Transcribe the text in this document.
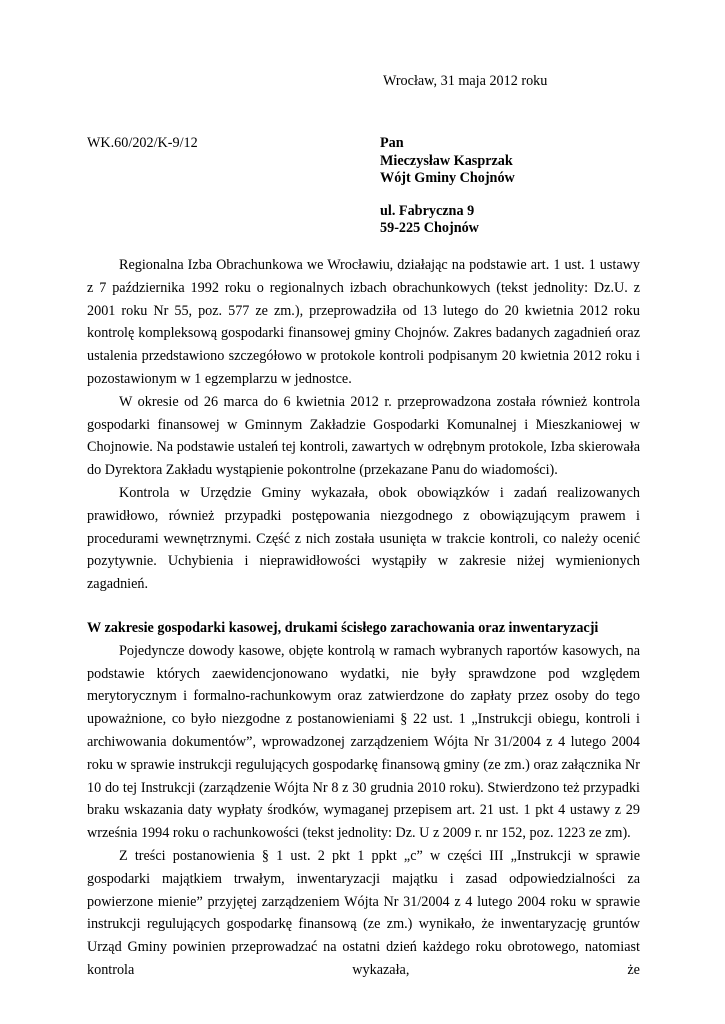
Wrocław, 31 maja 2012 roku
WK.60/202/K-9/12	Pan
Mieczysław Kasprzak
Wójt Gminy Chojnów
ul. Fabryczna 9
59-225 Chojnów

Regionalna Izba Obrachunkowa we Wrocławiu, działając na podstawie art. 1 ust. 1 ustawy z 7 października 1992 roku o regionalnych izbach obrachunkowych (tekst jednolity: Dz.U. z 2001 roku Nr 55, poz. 577 ze zm.), przeprowadziła od 13 lutego do 20 kwietnia 2012 roku kontrolę kompleksową gospodarki finansowej gminy Chojnów. Zakres badanych zagadnień oraz ustalenia przedstawiono szczegółowo w protokole kontroli podpisanym 20 kwietnia 2012 roku i pozostawionym w 1 egzemplarzu w jednostce.

W okresie od 26 marca do 6 kwietnia 2012 r. przeprowadzona została również kontrola gospodarki finansowej w Gminnym Zakładzie Gospodarki Komunalnej i Mieszkaniowej w Chojnowie. Na podstawie ustaleń tej kontroli, zawartych w odrębnym protokole, Izba skierowała do Dyrektora Zakładu wystąpienie pokontrolne (przekazane Panu do wiadomości).

Kontrola w Urzędzie Gminy wykazała, obok obowiązków i zadań realizowanych prawidłowo, również przypadki postępowania niezgodnego z obowiązującym prawem i procedurami wewnętrznymi. Część z nich została usunięta w trakcie kontroli, co należy ocenić pozytywnie. Uchybienia i nieprawidłowości wystąpiły w zakresie niżej wymienionych zagadnień.

W zakresie gospodarki kasowej, drukami ścisłego zarachowania oraz inwentaryzacji

Pojedyncze dowody kasowe, objęte kontrolą w ramach wybranych raportów kasowych, na podstawie których zaewidencjonowano wydatki, nie były sprawdzone pod względem merytorycznym i formalno-rachunkowym oraz zatwierdzone do zapłaty przez osoby do tego upoważnione, co było niezgodne z postanowieniami § 22 ust. 1 „Instrukcji obiegu, kontroli i archiwowania dokumentów”, wprowadzonej zarządzeniem Wójta Nr 31/2004 z 4 lutego 2004 roku w sprawie instrukcji regulujących gospodarkę finansową gminy (ze zm.) oraz załącznika Nr 10 do tej Instrukcji (zarządzenie Wójta Nr 8 z 30 grudnia 2010 roku). Stwierdzono też przypadki braku wskazania daty wypłaty środków, wymaganej przepisem art. 21 ust. 1 pkt 4 ustawy z 29 września 1994 roku o rachunkowości (tekst jednolity: Dz. U z 2009 r. nr 152, poz. 1223 ze zm).

Z treści postanowienia § 1 ust. 2 pkt 1 ppkt „c” w części III „Instrukcji w sprawie gospodarki majątkiem trwałym, inwentaryzacji majątku i zasad odpowiedzialności za powierzone mienie” przyjętej zarządzeniem Wójta Nr 31/2004 z 4 lutego 2004 roku w sprawie instrukcji regulujących gospodarkę finansową (ze zm.) wynikało, że inwentaryzację gruntów Urząd Gminy powinien przeprowadzać na ostatni dzień każdego roku obrotowego, natomiast kontrola wykazała, że
